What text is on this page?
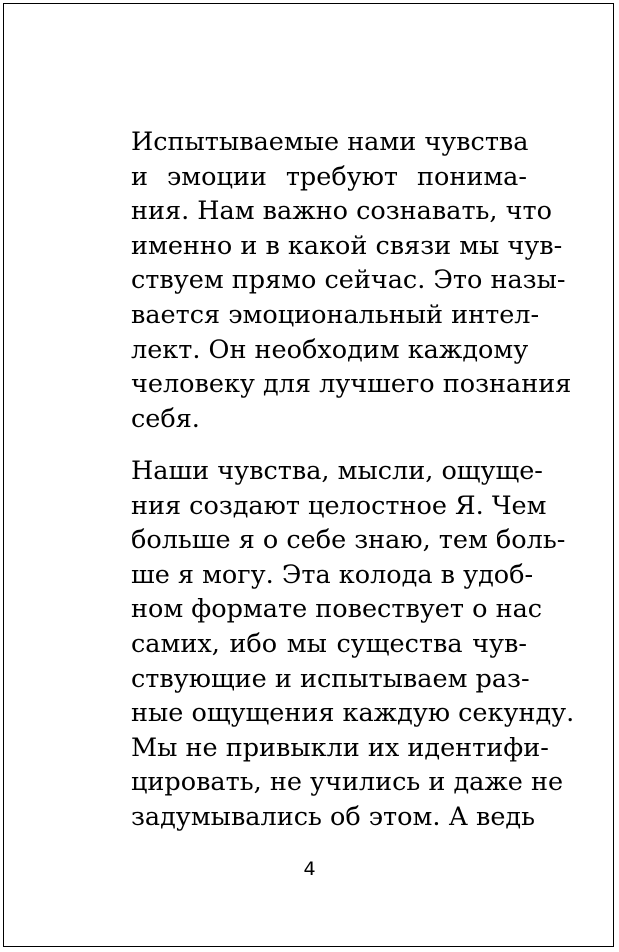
Испытываемые нами чувства
и эмоции требуют понима-
ния. Нам важно сознавать, что
именно и в какой связи мы чув-
ствуем прямо сейчас. Это назы-
вается эмоциональный интел-
лект. Он необходим каждому
человеку для лучшего познания
себя.
Наши чувства, мысли, ощуще-
ния создают целостное Я. Чем
больше я о себе знаю, тем боль-
ше я могу. Эта колода в удоб-
ном формате повествует о нас
самих, ибо мы существа чув-
ствующие и испытываем раз-
ные ощущения каждую секунду.
Мы не привыкли их идентифи-
цировать, не учились и даже не
задумывались об этом. А ведь
4
